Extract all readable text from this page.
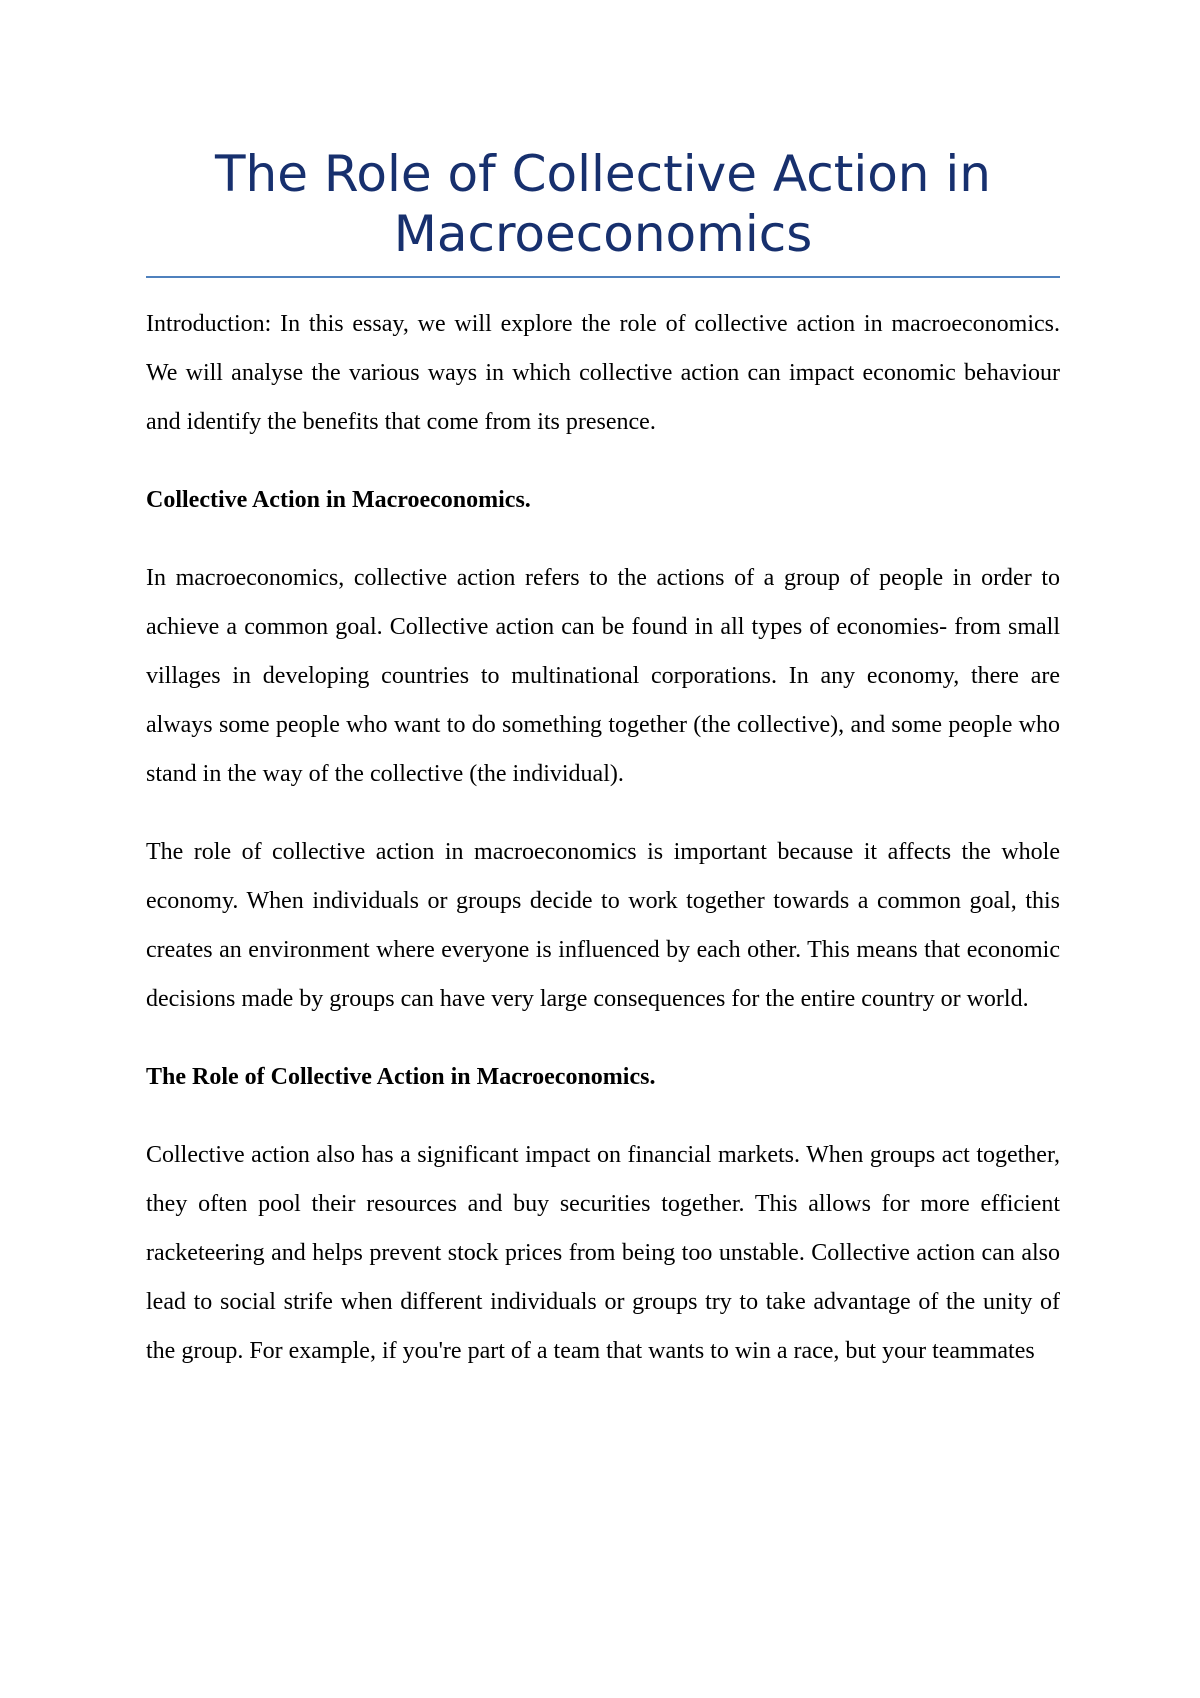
The Role of Collective Action in Macroeconomics

Introduction: In this essay, we will explore the role of collective action in macroeconomics. We will analyse the various ways in which collective action can impact economic behaviour and identify the benefits that come from its presence.

Collective Action in Macroeconomics.

In macroeconomics, collective action refers to the actions of a group of people in order to achieve a common goal. Collective action can be found in all types of economies- from small villages in developing countries to multinational corporations. In any economy, there are always some people who want to do something together (the collective), and some people who stand in the way of the collective (the individual).

The role of collective action in macroeconomics is important because it affects the whole economy. When individuals or groups decide to work together towards a common goal, this creates an environment where everyone is influenced by each other. This means that economic decisions made by groups can have very large consequences for the entire country or world.

The Role of Collective Action in Macroeconomics.

Collective action also has a significant impact on financial markets. When groups act together, they often pool their resources and buy securities together. This allows for more efficient racketeering and helps prevent stock prices from being too unstable. Collective action can also lead to social strife when different individuals or groups try to take advantage of the unity of the group. For example, if you're part of a team that wants to win a race, but your teammates
